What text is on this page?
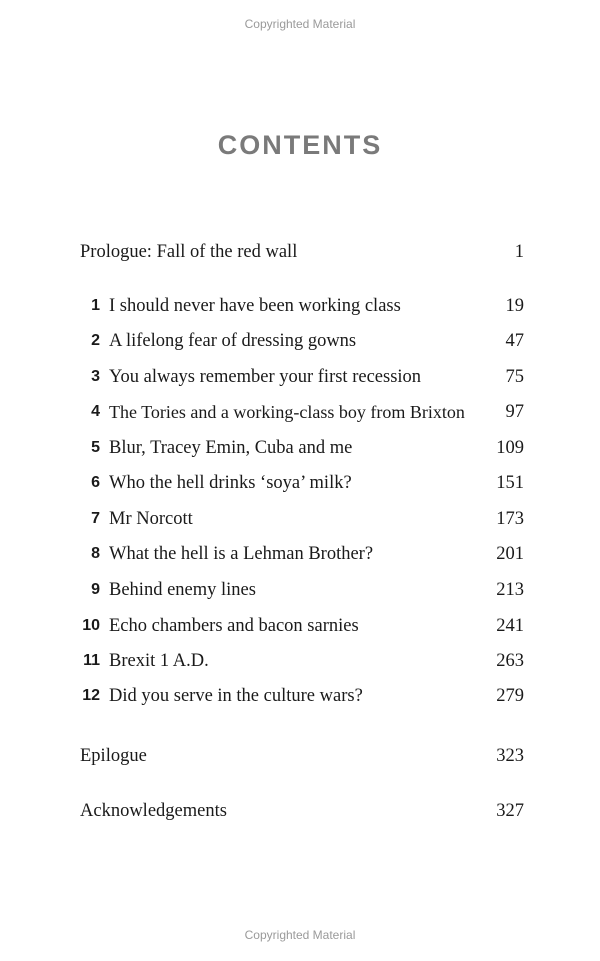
Copyrighted Material
CONTENTS
Prologue: Fall of the red wall	1
1 I should never have been working class	19
2 A lifelong fear of dressing gowns	47
3 You always remember your first recession	75
4 The Tories and a working-class boy from Brixton 97
5 Blur, Tracey Emin, Cuba and me	109
6 Who the hell drinks ‘soya’ milk?	151
7 Mr Norcott	173
8 What the hell is a Lehman Brother?	201
9 Behind enemy lines	213
10 Echo chambers and bacon sarnies	241
11 Brexit 1 A.D.	263
12 Did you serve in the culture wars?	279
Epilogue	323
Acknowledgements	327
Copyrighted Material
